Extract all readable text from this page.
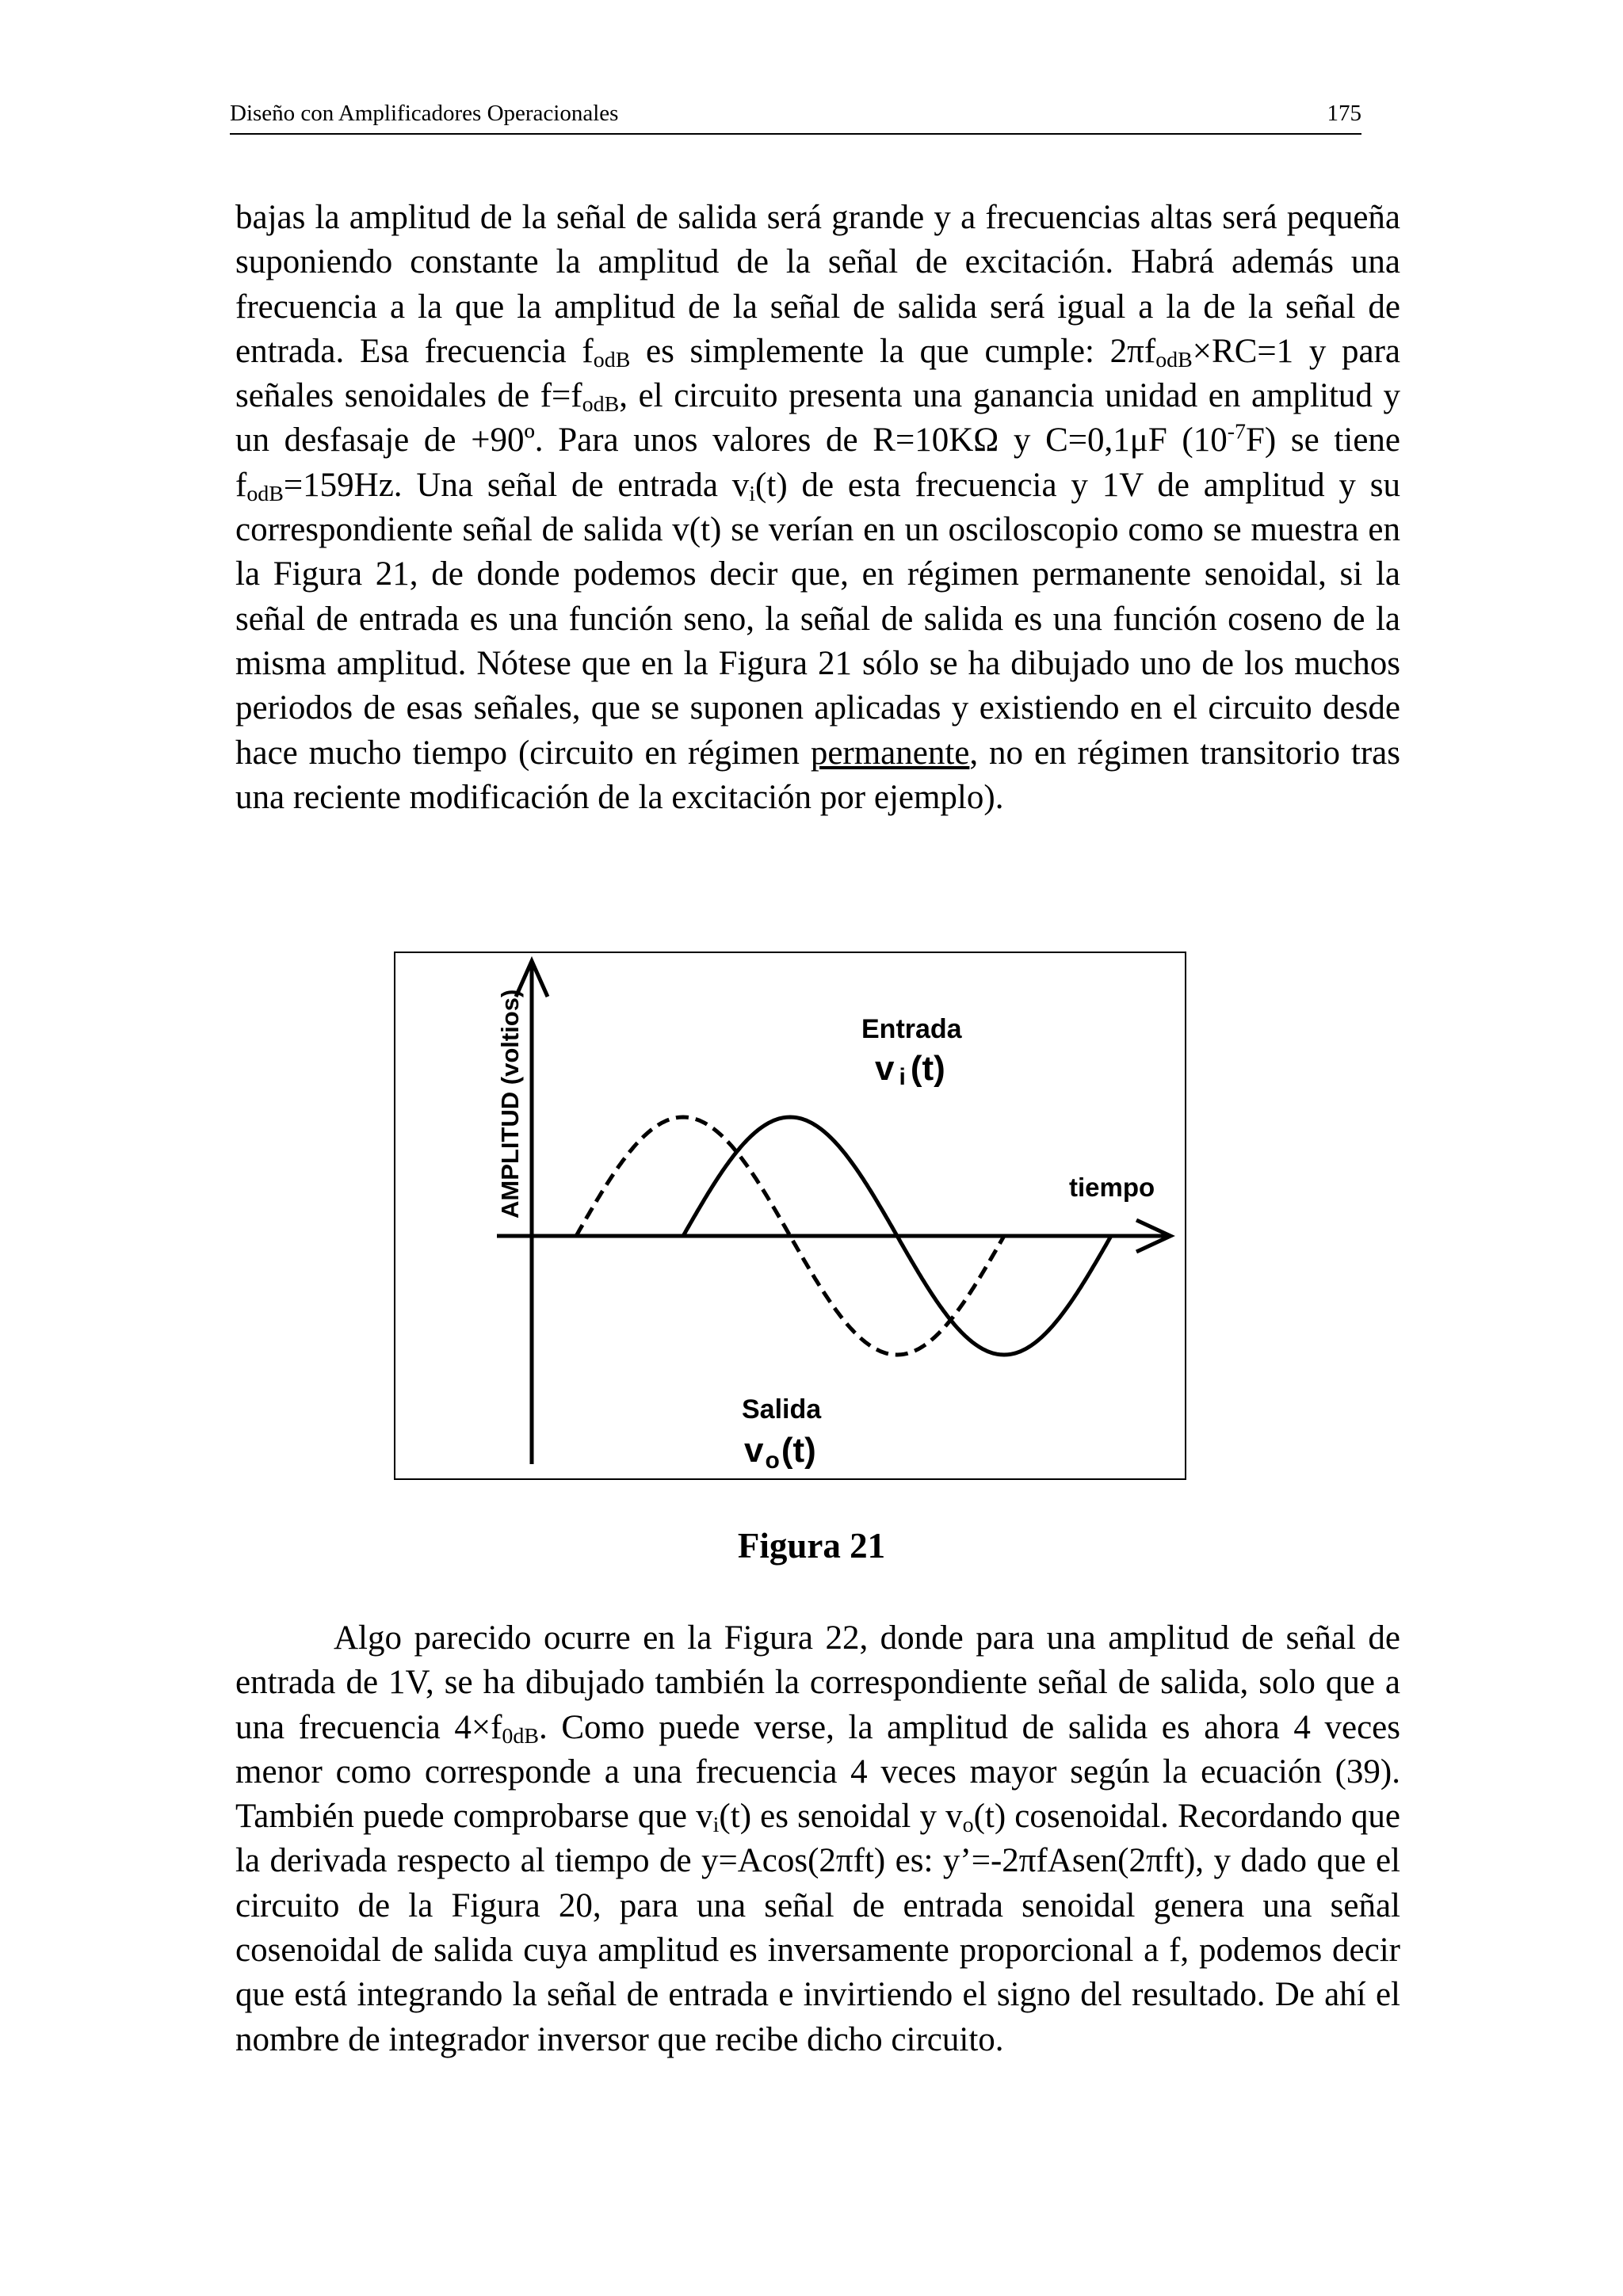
Diseño con Amplificadores Operacionales	175

bajas la amplitud de la señal de salida será grande y a frecuencias altas será pequeña suponiendo constante la amplitud de la señal de excitación. Habrá además una frecuencia a la que la amplitud de la señal de salida será igual a la de la señal de entrada. Esa frecuencia $f_{odB}$ es simplemente la que cumple: $2\pi f_{odB}\times RC=1$ y para señales senoidales de $f=f_{odB}$, el circuito presenta una ganancia unidad en amplitud y un desfasaje de +90º. Para unos valores de R=10KΩ y C=0,1μF $(10^{-7}F)$ se tiene $f_{odB}=159Hz$. Una señal de entrada $v_i(t)$ de esta frecuencia y 1V de amplitud y su correspondiente señal de salida v(t) se verían en un osciloscopio como se muestra en la Figura 21, de donde podemos decir que, en régimen permanente senoidal, si la señal de entrada es una función seno, la señal de salida es una función coseno de la misma amplitud. Nótese que en la Figura 21 sólo se ha dibujado uno de los muchos periodos de esas señales, que se suponen aplicadas y existiendo en el circuito desde hace mucho tiempo (circuito en régimen permanente, no en régimen transitorio tras una reciente modificación de la excitación por ejemplo).

AMPLITUD (voltios)	tiempo
Entrada
v i (t)
Salida
vo(t)
Figura 21

Algo parecido ocurre en la Figura 22, donde para una amplitud de señal de entrada de 1V, se ha dibujado también la correspondiente señal de salida, solo que a una frecuencia $4\times f_{0dB}$. Como puede verse, la amplitud de salida es ahora 4 veces menor como corresponde a una frecuencia 4 veces mayor según la ecuación (39). También puede comprobarse que $v_i(t)$ es senoidal y $v_o(t)$ cosenoidal. Recordando que la derivada respecto al tiempo de y=Acos(2πft) es: y’=-2πfAsen(2πft), y dado que el circuito de la Figura 20, para una señal de entrada senoidal genera una señal cosenoidal de salida cuya amplitud es inversamente proporcional a f, podemos decir que está integrando la señal de entrada e invirtiendo el signo del resultado. De ahí el nombre de integrador inversor que recibe dicho circuito.
